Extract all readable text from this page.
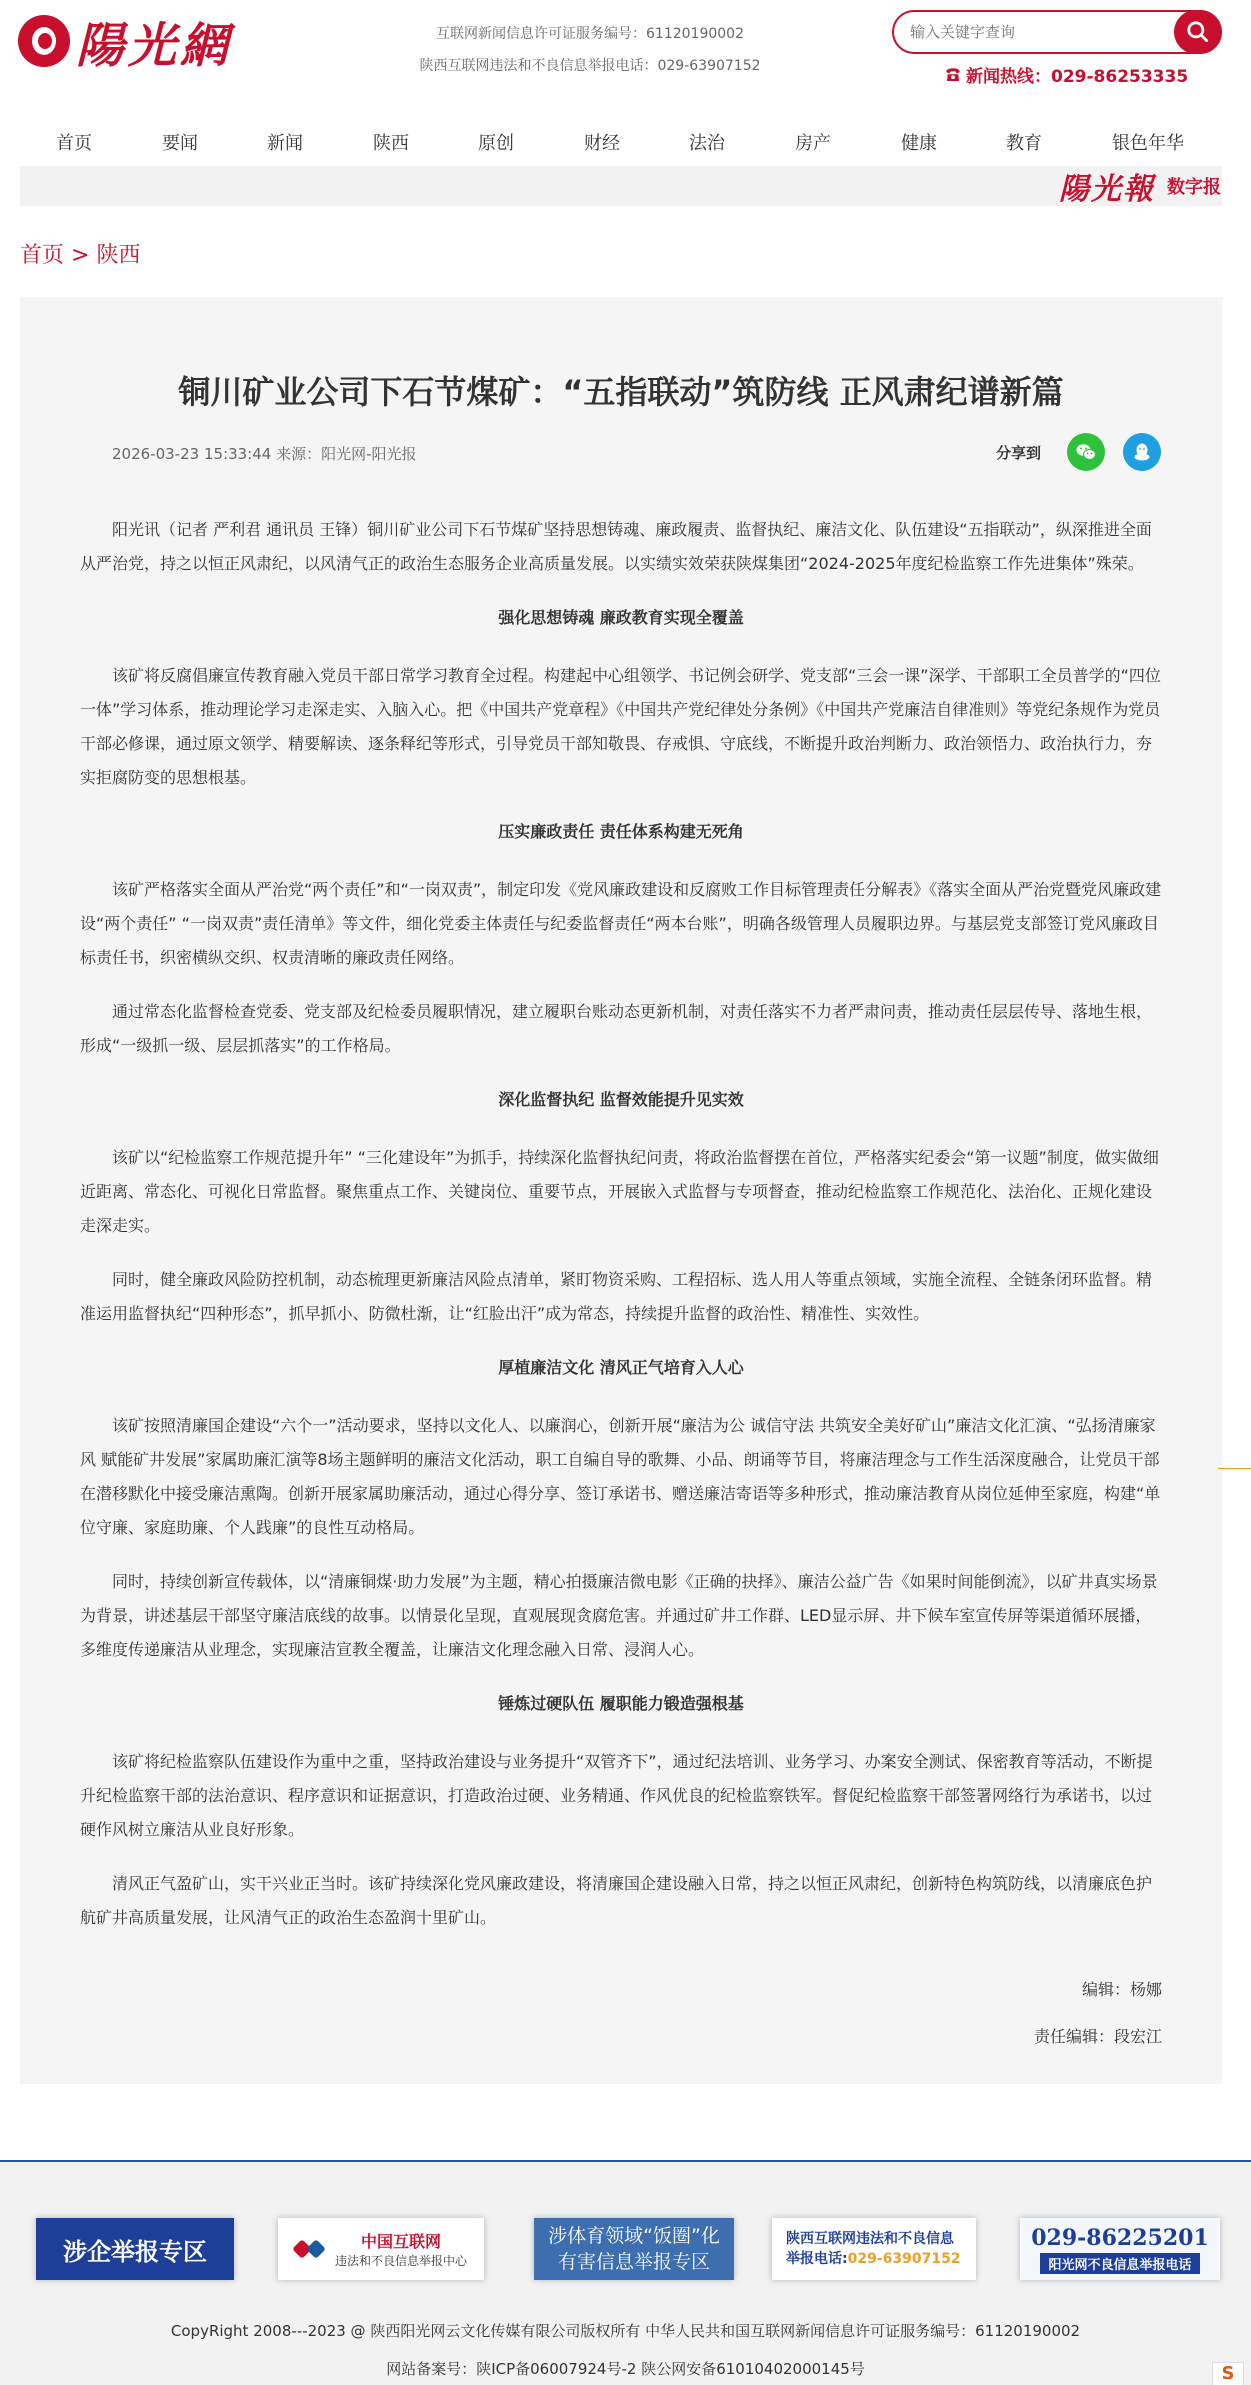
陽光網	互联网新闻信息许可证服务编号：61120190002
陕西互联网违法和不良信息举报电话：029-63907152
输入关键字查询
新闻热线：029-86253335
首页	要闻	新闻	陕西	原创	财经	法治	房产	健康	教育	银色年华
陽光報 数字报
首页 > 陕西
铜川矿业公司下石节煤矿：“五指联动”筑防线 正风肃纪谱新篇
2026-03-23 15:33:44 来源：阳光网-阳光报	分享到

阳光讯（记者 严利君 通讯员 王锋）铜川矿业公司下石节煤矿坚持思想铸魂、廉政履责、监督执纪、廉洁文化、队伍建设“五指联动”，纵深推进全面从严治党，持之以恒正风肃纪，以风清气正的政治生态服务企业高质量发展。以实绩实效荣获陕煤集团“2024-2025年度纪检监察工作先进集体”殊荣。

强化思想铸魂 廉政教育实现全覆盖

该矿将反腐倡廉宣传教育融入党员干部日常学习教育全过程。构建起中心组领学、书记例会研学、党支部“三会一课”深学、干部职工全员普学的“四位一体”学习体系，推动理论学习走深走实、入脑入心。把《中国共产党章程》《中国共产党纪律处分条例》《中国共产党廉洁自律准则》等党纪条规作为党员干部必修课，通过原文领学、精要解读、逐条释纪等形式，引导党员干部知敬畏、存戒惧、守底线，不断提升政治判断力、政治领悟力、政治执行力，夯实拒腐防变的思想根基。

压实廉政责任 责任体系构建无死角

该矿严格落实全面从严治党“两个责任”和“一岗双责”，制定印发《党风廉政建设和反腐败工作目标管理责任分解表》《落实全面从严治党暨党风廉政建设“两个责任” “一岗双责”责任清单》等文件，细化党委主体责任与纪委监督责任“两本台账”，明确各级管理人员履职边界。与基层党支部签订党风廉政目标责任书，织密横纵交织、权责清晰的廉政责任网络。

通过常态化监督检查党委、党支部及纪检委员履职情况，建立履职台账动态更新机制，对责任落实不力者严肃问责，推动责任层层传导、落地生根，形成“一级抓一级、层层抓落实”的工作格局。

深化监督执纪 监督效能提升见实效

该矿以“纪检监察工作规范提升年” “三化建设年”为抓手，持续深化监督执纪问责，将政治监督摆在首位，严格落实纪委会“第一议题”制度，做实做细近距离、常态化、可视化日常监督。聚焦重点工作、关键岗位、重要节点，开展嵌入式监督与专项督查，推动纪检监察工作规范化、法治化、正规化建设走深走实。

同时，健全廉政风险防控机制，动态梳理更新廉洁风险点清单，紧盯物资采购、工程招标、选人用人等重点领域，实施全流程、全链条闭环监督。精准运用监督执纪“四种形态”，抓早抓小、防微杜渐，让“红脸出汗”成为常态，持续提升监督的政治性、精准性、实效性。

厚植廉洁文化 清风正气培育入人心

该矿按照清廉国企建设“六个一”活动要求，坚持以文化人、以廉润心，创新开展“廉洁为公 诚信守法 共筑安全美好矿山”廉洁文化汇演、“弘扬清廉家风 赋能矿井发展”家属助廉汇演等8场主题鲜明的廉洁文化活动，职工自编自导的歌舞、小品、朗诵等节目，将廉洁理念与工作生活深度融合，让党员干部在潜移默化中接受廉洁熏陶。创新开展家属助廉活动，通过心得分享、签订承诺书、赠送廉洁寄语等多种形式，推动廉洁教育从岗位延伸至家庭，构建“单位守廉、家庭助廉、个人践廉”的良性互动格局。

同时，持续创新宣传载体，以“清廉铜煤·助力发展”为主题，精心拍摄廉洁微电影《正确的抉择》、廉洁公益广告《如果时间能倒流》，以矿井真实场景为背景，讲述基层干部坚守廉洁底线的故事。以情景化呈现，直观展现贪腐危害。并通过矿井工作群、LED显示屏、井下候车室宣传屏等渠道循环展播，多维度传递廉洁从业理念，实现廉洁宣教全覆盖，让廉洁文化理念融入日常、浸润人心。

锤炼过硬队伍 履职能力锻造强根基

该矿将纪检监察队伍建设作为重中之重，坚持政治建设与业务提升“双管齐下”，通过纪法培训、业务学习、办案安全测试、保密教育等活动，不断提升纪检监察干部的法治意识、程序意识和证据意识，打造政治过硬、业务精通、作风优良的纪检监察铁军。督促纪检监察干部签署网络行为承诺书，以过硬作风树立廉洁从业良好形象。

清风正气盈矿山，实干兴业正当时。该矿持续深化党风廉政建设，将清廉国企建设融入日常，持之以恒正风肃纪，创新特色构筑防线，以清廉底色护航矿井高质量发展，让风清气正的政治生态盈润十里矿山。

编辑：杨娜
责任编辑：段宏江
涉企举报专区	中国互联网
违法和不良信息举报中心
涉体育领域“饭圈”化
有害信息举报专区
陕西互联网违法和不良信息
举报电话:029-63907152
029-86225201
阳光网不良信息举报电话
CopyRight 2008---2023 @ 陕西阳光网云文化传媒有限公司版权所有 中华人民共和国互联网新闻信息许可证服务编号：61120190002
网站备案号：陕ICP备06007924号-2 陕公网安备61010402000145号	S
